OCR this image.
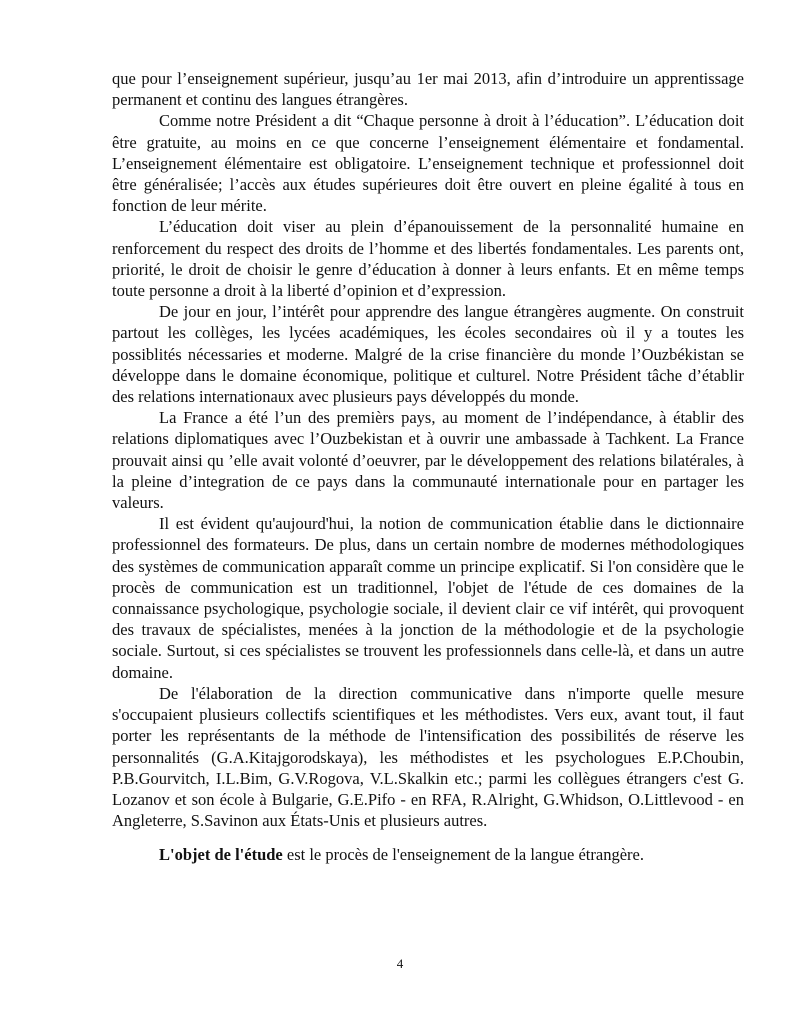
que pour l’enseignement supérieur, jusqu’au 1er mai 2013, afin d’introduire un apprentissage permanent et continu des langues étrangères.

Comme notre Président a dit “Chaque personne à droit à l’éducation”. L’éducation doit être gratuite, au moins en ce que concerne l’enseignement élémentaire et fondamental. L’enseignement élémentaire est obligatoire. L’enseignement technique et professionnel doit être généralisée; l’accès aux études supérieures doit être ouvert en pleine égalité à tous en fonction de leur mérite.

L’éducation doit viser au plein d’épanouissement de la personnalité humaine en renforcement du respect des droits de l’homme et des libertés fondamentales. Les parents ont, priorité, le droit de choisir le genre d’éducation à donner à leurs enfants. Et en même temps toute personne a droit à la liberté d’opinion et d’expression.

De jour en jour, l’intérêt pour apprendre des langue étrangères augmente. On construit partout les collèges, les lycées académiques, les écoles secondaires où il y a toutes les possiblités nécessaries et moderne. Malgré de la crise financière du monde l’Ouzbékistan se développe dans le domaine économique, politique et culturel. Notre Président tâche d’établir des relations internationaux avec plusieurs pays développés du monde.

La France a été l’un des premièrs pays, au moment de l’indépendance, à établir des relations diplomatiques avec l’Ouzbekistan et à ouvrir une ambassade à Tachkent. La France prouvait ainsi qu ’elle avait volonté d’oeuvrer, par le développement des relations bilatérales, à la pleine d’integration de ce pays dans la communauté internationale pour en partager les valeurs.

Il est évident qu'aujourd'hui, la notion de communication établie dans le dictionnaire professionnel des formateurs. De plus, dans un certain nombre de modernes méthodologiques des systèmes de communication apparaît comme un principe explicatif. Si l'on considère que le procès de communication est un traditionnel, l'objet de l'étude de ces domaines de la connaissance psychologique, psychologie sociale, il devient clair ce vif intérêt, qui provoquent des travaux de spécialistes, menées à la jonction de la méthodologie et de la psychologie sociale. Surtout, si ces spécialistes se trouvent les professionnels dans celle-là, et dans un autre domaine.

De l'élaboration de la direction communicative dans n'importe quelle mesure s'occupaient plusieurs collectifs scientifiques et les méthodistes. Vers eux, avant tout, il faut porter les représentants de la méthode de l'intensification des possibilités de réserve les personnalités (G.A.Kitajgorodskaya), les méthodistes et les psychologues E.P.Choubin, P.B.Gourvitch, I.L.Bim, G.V.Rogova, V.L.Skalkin etc.; parmi les collègues étrangers c'est G. Lozanov et son école à Bulgarie, G.E.Pifo - en RFA, R.Alright, G.Whidson, O.Littlevood - en Angleterre, S.Savinon aux États-Unis et plusieurs autres.

L'objet de l'étude est le procès de l'enseignement de la langue étrangère.

4
